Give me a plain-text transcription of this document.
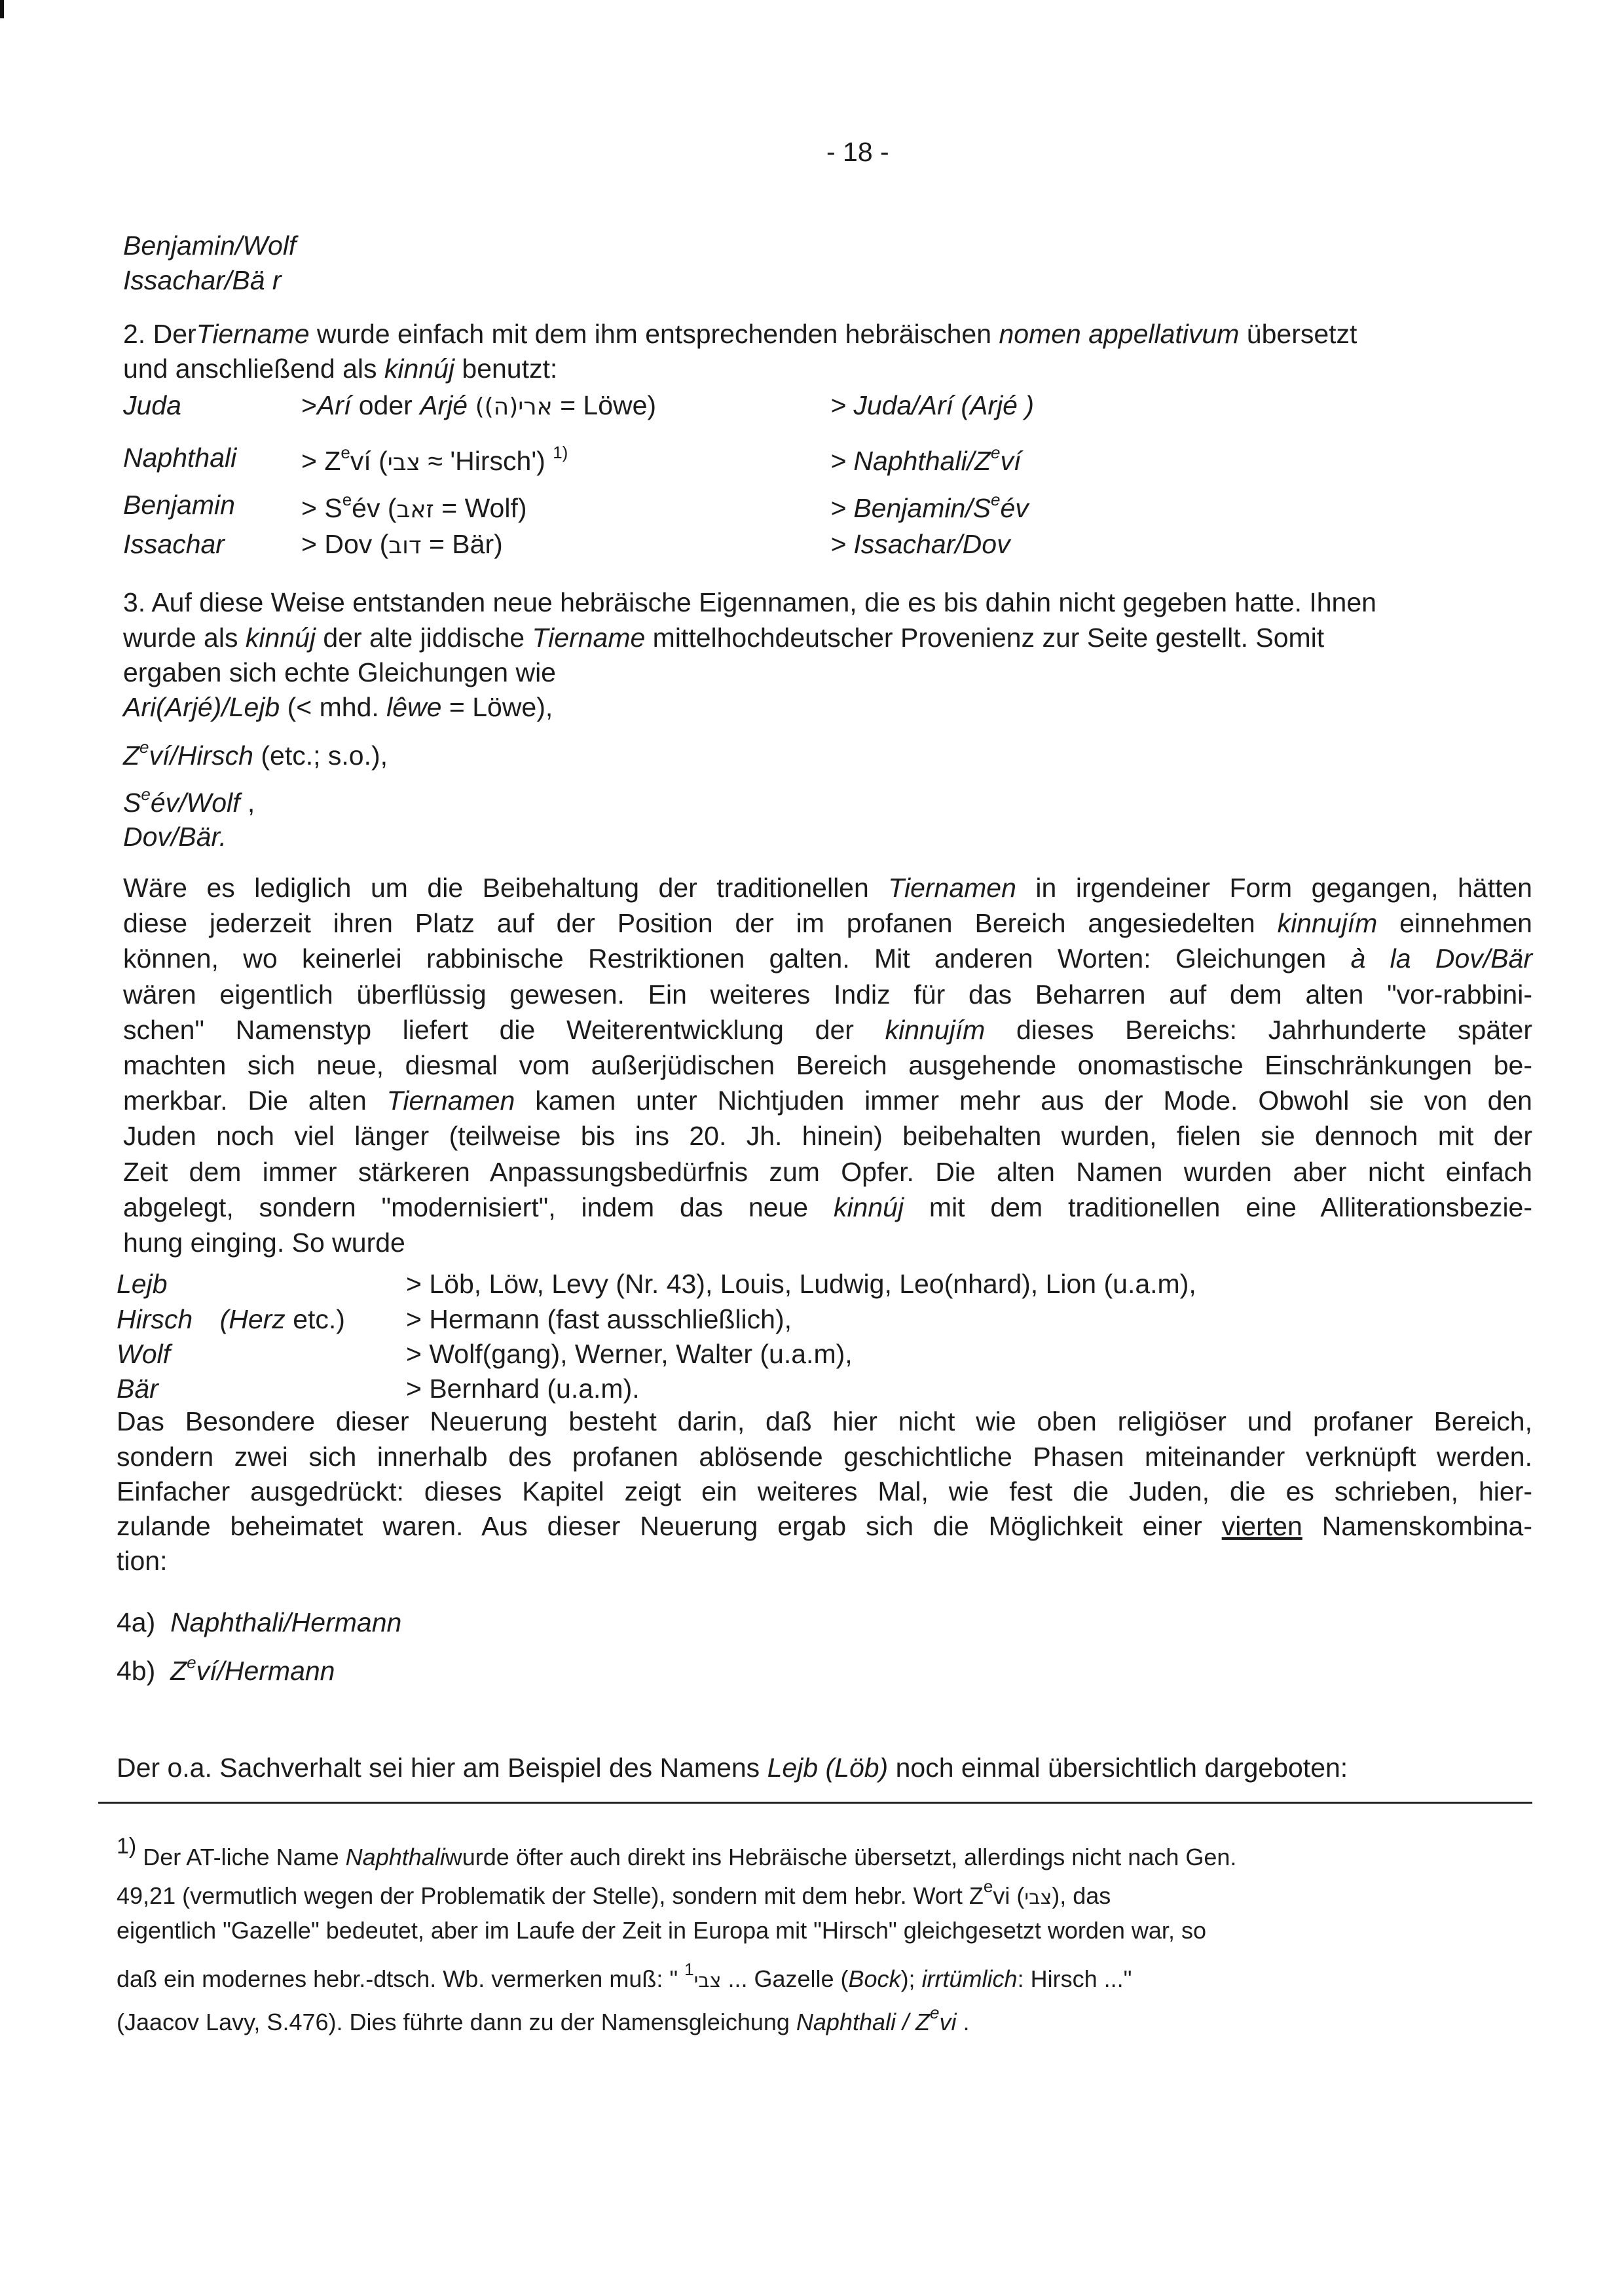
- 18 -
Benjamin/Wolf
Issachar/Bä r
2. DerTiername wurde einfach mit dem ihm entsprechenden hebräischen nomen appellativum übersetzt
und anschließend als kinnúj benutzt:
Juda	>Arí oder Arjé ((ה)ארי = Löwe)	> Juda/Arí (Arjé )
Naphthali > $Z^eví$ (צבי ≈ 'Hirsch') $^{1)}$	> Naphthali/$Z^eví$
Benjamin > $S^eév$ (זאב = Wolf)	> Benjamin/$S^eév$
Issachar	> Dov (דוב = Bär)	> Issachar/Dov
3. Auf diese Weise entstanden neue hebräische Eigennamen, die es bis dahin nicht gegeben hatte. Ihnen
wurde als kinnúj der alte jiddische Tiername mittelhochdeutscher Provenienz zur Seite gestellt. Somit
ergaben sich echte Gleichungen wie
Ari(Arjé)/Lejb (< mhd. lêwe = Löwe),
$Z^eví$/Hirsch (etc.; s.o.),
$S^eév$/Wolf ,
Dov/Bär.
Wäre es lediglich um die Beibehaltung der traditionellen Tiernamen in irgendeiner Form gegangen, hätten
diese jederzeit ihren Platz auf der Position der im profanen Bereich angesiedelten kinnujím einnehmen
können, wo keinerlei rabbinische Restriktionen galten. Mit anderen Worten: Gleichungen à la Dov/Bär
wären eigentlich überflüssig gewesen. Ein weiteres Indiz für das Beharren auf dem alten "vor-rabbini-
schen" Namenstyp liefert die Weiterentwicklung der kinnujím dieses Bereichs: Jahrhunderte später
machten sich neue, diesmal vom außerjüdischen Bereich ausgehende onomastische Einschränkungen be-
merkbar. Die alten Tiernamen kamen unter Nichtjuden immer mehr aus der Mode. Obwohl sie von den
Juden noch viel länger (teilweise bis ins 20. Jh. hinein) beibehalten wurden, fielen sie dennoch mit der
Zeit dem immer stärkeren Anpassungsbedürfnis zum Opfer. Die alten Namen wurden aber nicht einfach
abgelegt, sondern "modernisiert", indem das neue kinnúj mit dem traditionellen eine Alliterationsbezie-
hung einging. So wurde
Lejb	> Löb, Löw, Levy (Nr. 43), Louis, Ludwig, Leo(nhard), Lion (u.a.m),
Hirsch (Herz etc.) > Hermann (fast ausschließlich),
Wolf	> Wolf(gang), Werner, Walter (u.a.m),
Bär	> Bernhard (u.a.m).
Das Besondere dieser Neuerung besteht darin, daß hier nicht wie oben religiöser und profaner Bereich,
sondern zwei sich innerhalb des profanen ablösende geschichtliche Phasen miteinander verknüpft werden.
Einfacher ausgedrückt: dieses Kapitel zeigt ein weiteres Mal, wie fest die Juden, die es schrieben, hier-
zulande beheimatet waren. Aus dieser Neuerung ergab sich die Möglichkeit einer vierten Namenskombina-
tion:
4a) Naphthali/Hermann
4b) $Z^eví$/Hermann
Der o.a. Sachverhalt sei hier am Beispiel des Namens Lejb (Löb) noch einmal übersichtlich dargeboten:
1) Der AT-liche Name Naphthaliwurde öfter auch direkt ins Hebräische übersetzt, allerdings nicht nach Gen.
49,21 (vermutlich wegen der Problematik der Stelle), sondern mit dem hebr. Wort $Z^evi$ (צבי), das
eigentlich "Gazelle" bedeutet, aber im Laufe der Zeit in Europa mit "Hirsch" gleichgesetzt worden war, so
daß ein modernes hebr.-dtsch. Wb. vermerken muß: " $^1$צבי ... Gazelle (Bock); irrtümlich: Hirsch ..."
(Jaacov Lavy, S.476). Dies führte dann zu der Namensgleichung Naphthali / $Z^evi$ .
